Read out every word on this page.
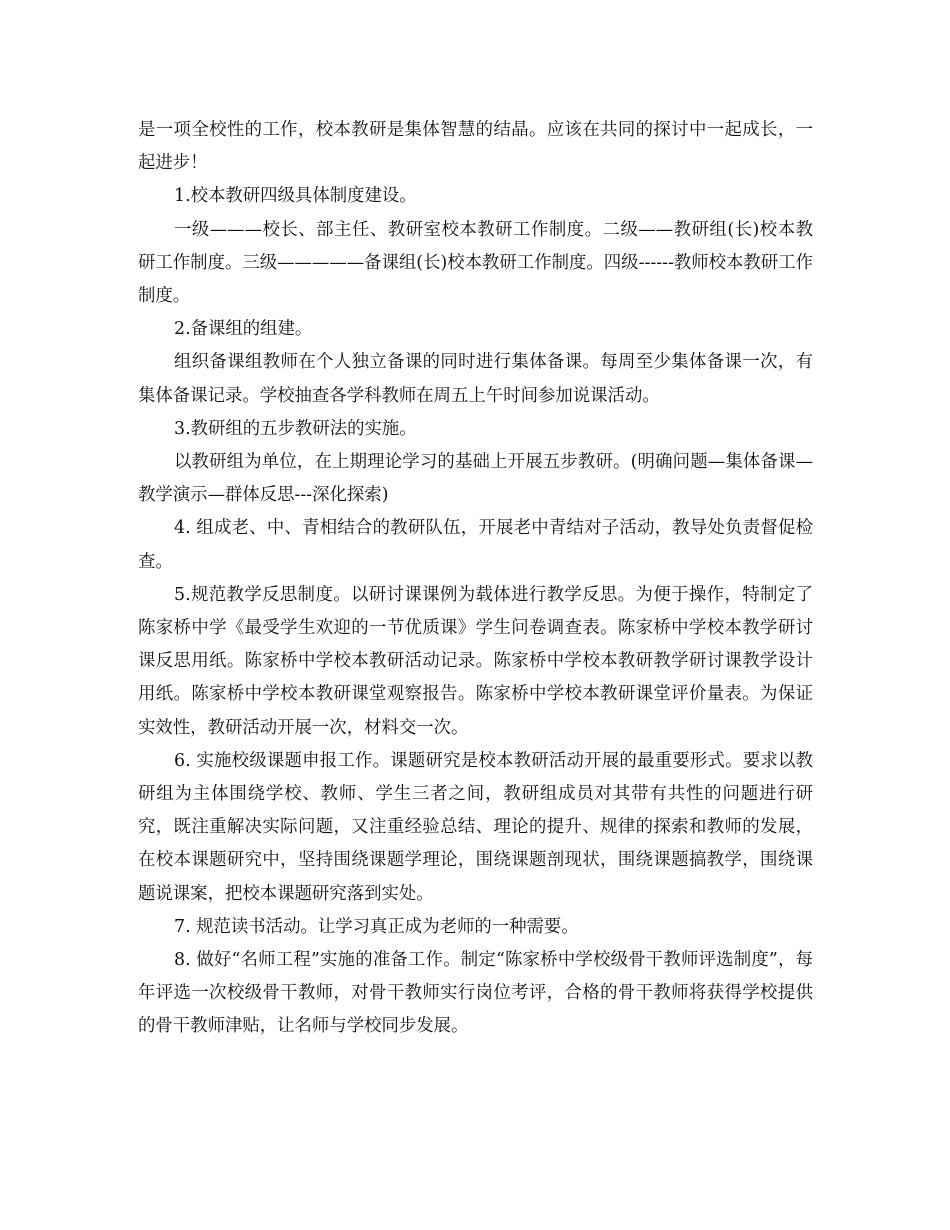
是一项全校性的工作，校本教研是集体智慧的结晶。应该在共同的探讨中一起成长，一起进步！

1.校本教研四级具体制度建设。

一级———校长、部主任、教研室校本教研工作制度。二级——教研组(长)校本教研工作制度。三级—————备课组(长)校本教研工作制度。四级------教师校本教研工作制度。

2.备课组的组建。

组织备课组教师在个人独立备课的同时进行集体备课。每周至少集体备课一次，有集体备课记录。学校抽查各学科教师在周五上午时间参加说课活动。

3.教研组的五步教研法的实施。

以教研组为单位，在上期理论学习的基础上开展五步教研。(明确问题—集体备课—教学演示—群体反思---深化探索)

4. 组成老、中、青相结合的教研队伍，开展老中青结对子活动，教导处负责督促检查。

5.规范教学反思制度。以研讨课课例为载体进行教学反思。为便于操作，特制定了陈家桥中学《最受学生欢迎的一节优质课》学生问卷调查表。陈家桥中学校本教学研讨课反思用纸。陈家桥中学校本教研活动记录。陈家桥中学校本教研教学研讨课教学设计用纸。陈家桥中学校本教研课堂观察报告。陈家桥中学校本教研课堂评价量表。为保证实效性，教研活动开展一次，材料交一次。

6. 实施校级课题申报工作。课题研究是校本教研活动开展的最重要形式。要求以教研组为主体围绕学校、教师、学生三者之间，教研组成员对其带有共性的问题进行研究，既注重解决实际问题，又注重经验总结、理论的提升、规律的探索和教师的发展，在校本课题研究中，坚持围绕课题学理论，围绕课题剖现状，围绕课题搞教学，围绕课题说课案，把校本课题研究落到实处。

7. 规范读书活动。让学习真正成为老师的一种需要。

8. 做好“名师工程”实施的准备工作。制定“陈家桥中学校级骨干教师评选制度”，每年评选一次校级骨干教师，对骨干教师实行岗位考评，合格的骨干教师将获得学校提供的骨干教师津贴，让名师与学校同步发展。
